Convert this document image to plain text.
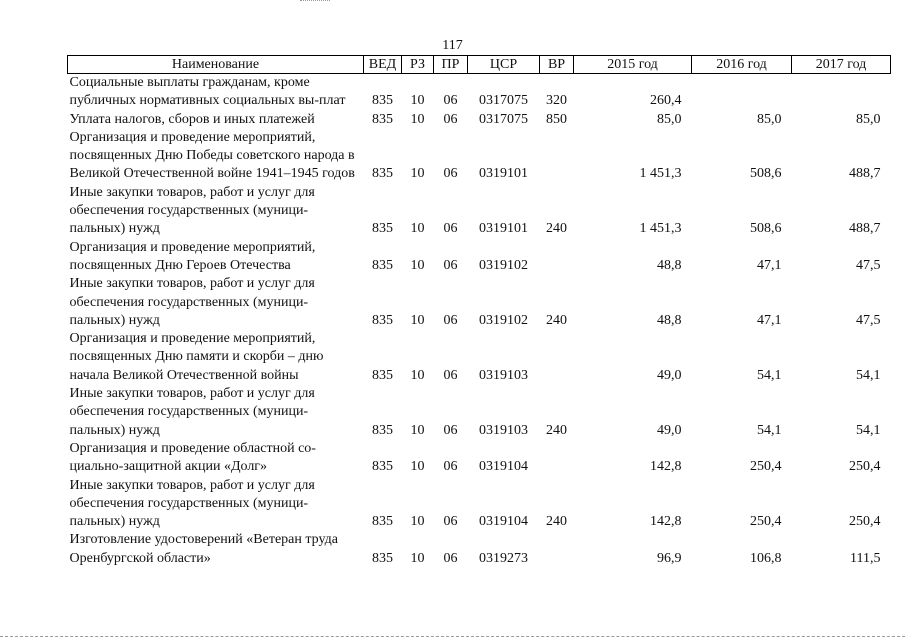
117
Наименование	ВЕД	РЗ	ПР	ЦСР	ВР	2015 год	2016 год	2017 год
Социальные выплаты гражданам, кроме публичных нормативных социальных вы-плат	835	10	06	0317075	320	260,4		
Уплата налогов, сборов и иных платежей	835	10	06	0317075	850	85,0	85,0	85,0
Организация и проведение мероприятий, посвященных Дню Победы советского народа в Великой Отечественной войне 1941–1945 годов	835	10	06	0319101		1 451,3	508,6	488,7
Иные закупки товаров, работ и услуг для обеспечения государственных (муници-пальных) нужд	835	10	06	0319101	240	1 451,3	508,6	488,7
Организация и проведение мероприятий, посвященных Дню Героев Отечества	835	10	06	0319102		48,8	47,1	47,5
Иные закупки товаров, работ и услуг для обеспечения государственных (муници-пальных) нужд	835	10	06	0319102	240	48,8	47,1	47,5
Организация и проведение мероприятий, посвященных Дню памяти и скорби – дню начала Великой Отечественной войны	835	10	06	0319103		49,0	54,1	54,1
Иные закупки товаров, работ и услуг для обеспечения государственных (муници-пальных) нужд	835	10	06	0319103	240	49,0	54,1	54,1
Организация и проведение областной со-циально-защитной акции «Долг»	835	10	06	0319104		142,8	250,4	250,4
Иные закупки товаров, работ и услуг для обеспечения государственных (муници-пальных) нужд	835	10	06	0319104	240	142,8	250,4	250,4
Изготовление удостоверений «Ветеран труда Оренбургской области»	835	10	06	0319273		96,9	106,8	111,5
